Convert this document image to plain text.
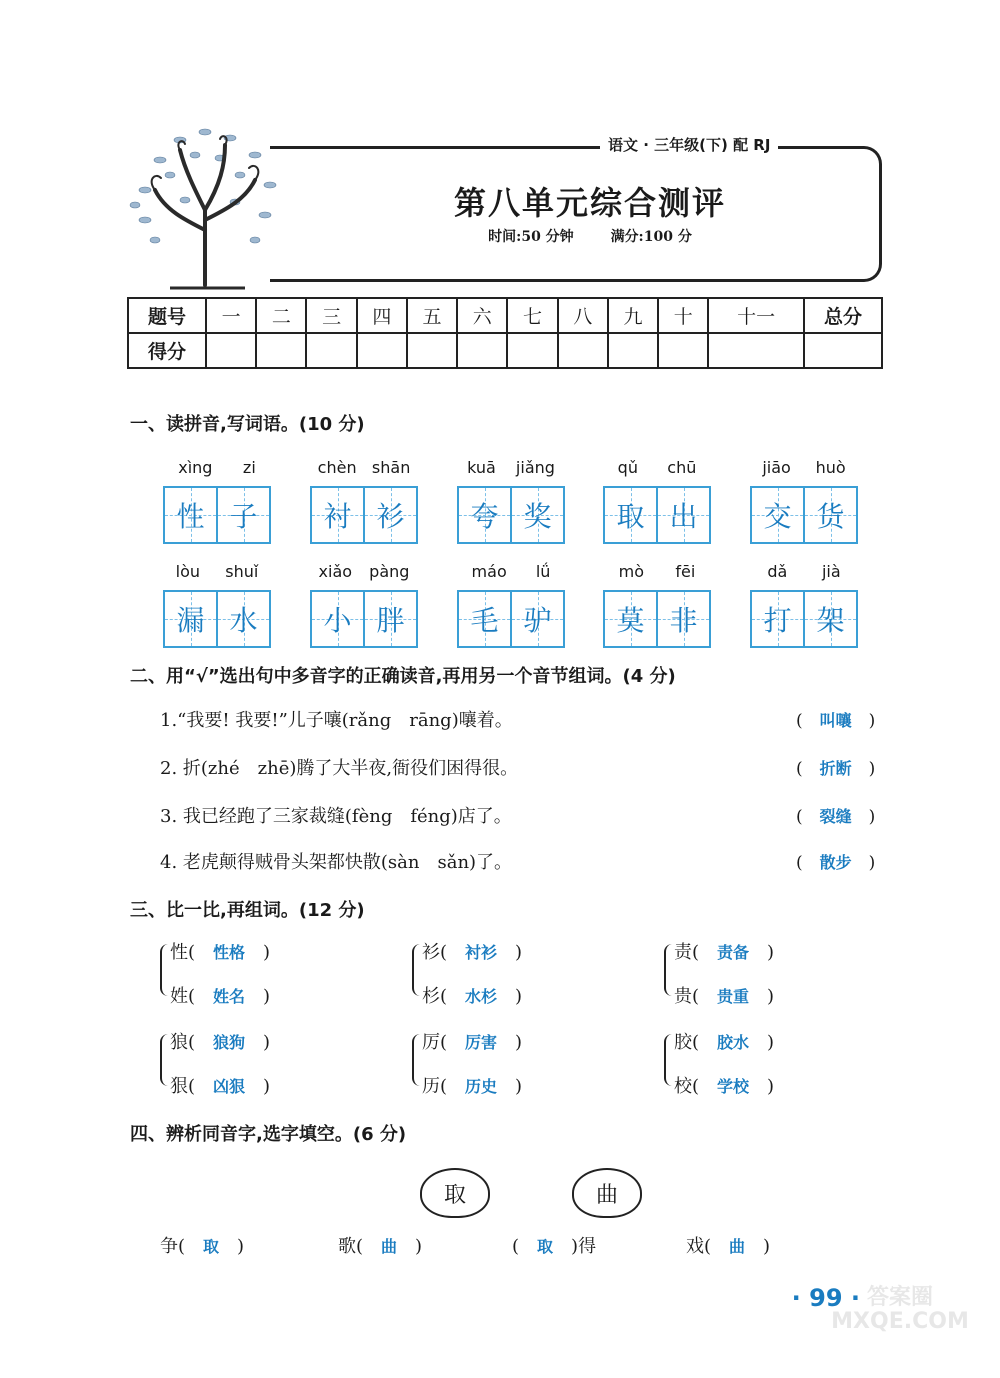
语文 · 三年级(下) 配 RJ
第八单元综合测评
时间:50 分钟	满分:100 分
题号	一	二	三	四	五	六	七	八	九	十	十一	总分
得分												
一、读拼音,写词语。(10 分)
xìng zi
性 子
chèn shān
衬 衫
kuā jiǎng
夸 奖
qǔ chū
取 出
jiāo huò
交 货
lòu shuǐ
漏 水
xiǎo pàng
小 胖
máo lǘ
毛 驴
mò fēi
莫 非
dǎ jià
打 架
二、用“√”选出句中多音字的正确读音,再用另一个音节组词。(4 分)
1.“我要! 我要!”儿子嚷(rǎng　rāng)嚷着。	(　叫嚷　)
2. 折(zhé　zhē)腾了大半夜,衙役们困得很。	(　折断　)
3. 我已经跑了三家裁缝(fèng　féng)店了。	(　裂缝　)
4. 老虎颠得贼骨头架都快散(sàn　sǎn)了。	(　散步　)
三、比一比,再组词。(12 分)
性(　性格　)
姓(　姓名　)
衫(　衬衫　)
杉(　水杉　)
责(　责备　)
贵(　贵重　)
狼(　狼狗　)
狠(　凶狠　)
厉(　厉害　)
历(　历史　)
胶(　胶水　)
校(　学校　)
四、辨析同音字,选字填空。(6 分)
取	曲
争(　 取　 )	歌(　 曲　 )	(　 取　 )得	戏(　 曲　 )
· 99 · 答案圈 MXQE.COM
